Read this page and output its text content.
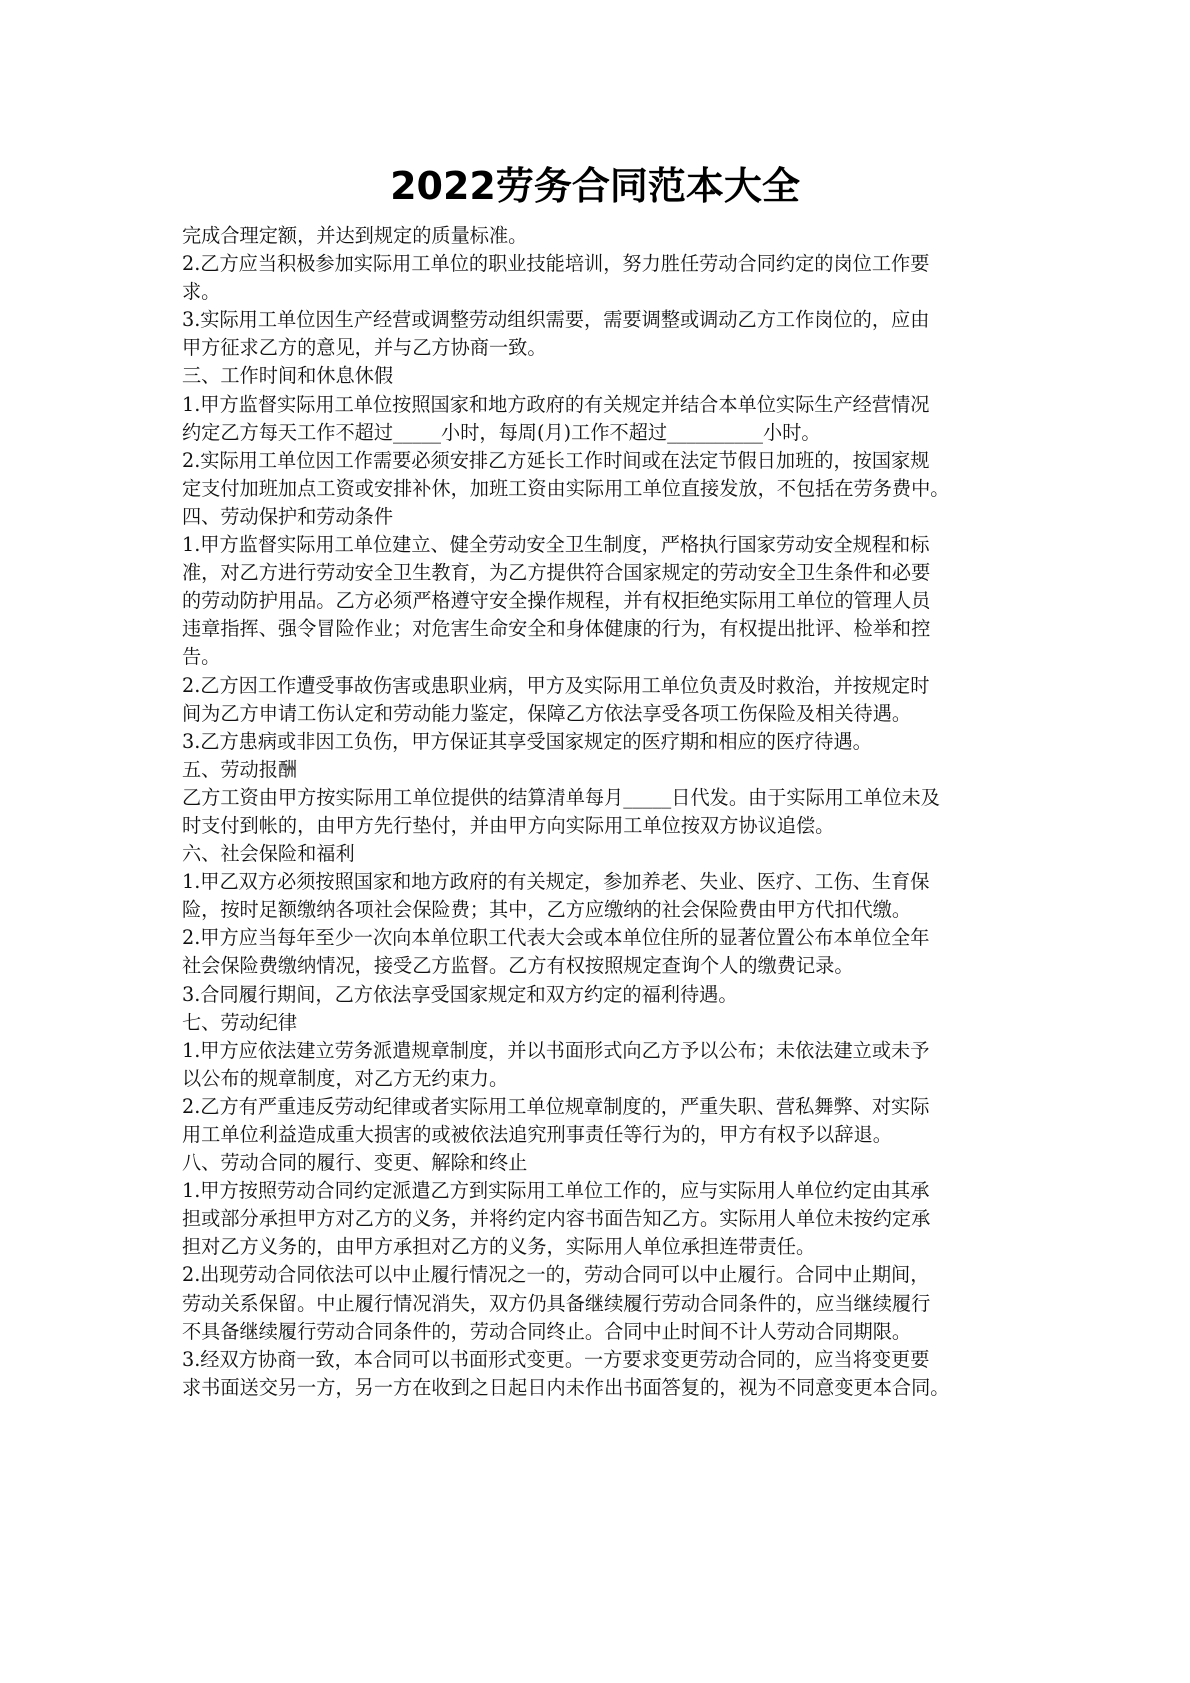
2022劳务合同范本大全
完成合理定额，并达到规定的质量标准。
2.乙方应当积极参加实际用工单位的职业技能培训，努力胜任劳动合同约定的岗位工作要
求。
3.实际用工单位因生产经营或调整劳动组织需要，需要调整或调动乙方工作岗位的，应由
甲方征求乙方的意见，并与乙方协商一致。
三、工作时间和休息休假
1.甲方监督实际用工单位按照国家和地方政府的有关规定并结合本单位实际生产经营情况
约定乙方每天工作不超过_____小时，每周(月)工作不超过__________小时。
2.实际用工单位因工作需要必须安排乙方延长工作时间或在法定节假日加班的，按国家规
定支付加班加点工资或安排补休，加班工资由实际用工单位直接发放，不包括在劳务费中。
四、劳动保护和劳动条件
1.甲方监督实际用工单位建立、健全劳动安全卫生制度，严格执行国家劳动安全规程和标
准，对乙方进行劳动安全卫生教育，为乙方提供符合国家规定的劳动安全卫生条件和必要
的劳动防护用品。乙方必须严格遵守安全操作规程，并有权拒绝实际用工单位的管理人员
违章指挥、强令冒险作业；对危害生命安全和身体健康的行为，有权提出批评、检举和控
告。
2.乙方因工作遭受事故伤害或患职业病，甲方及实际用工单位负责及时救治，并按规定时
间为乙方申请工伤认定和劳动能力鉴定，保障乙方依法享受各项工伤保险及相关待遇。
3.乙方患病或非因工负伤，甲方保证其享受国家规定的医疗期和相应的医疗待遇。
五、劳动报酬
乙方工资由甲方按实际用工单位提供的结算清单每月_____日代发。由于实际用工单位未及
时支付到帐的，由甲方先行垫付，并由甲方向实际用工单位按双方协议追偿。
六、社会保险和福利
1.甲乙双方必须按照国家和地方政府的有关规定，参加养老、失业、医疗、工伤、生育保
险，按时足额缴纳各项社会保险费；其中，乙方应缴纳的社会保险费由甲方代扣代缴。
2.甲方应当每年至少一次向本单位职工代表大会或本单位住所的显著位置公布本单位全年
社会保险费缴纳情况，接受乙方监督。乙方有权按照规定查询个人的缴费记录。
3.合同履行期间，乙方依法享受国家规定和双方约定的福利待遇。
七、劳动纪律
1.甲方应依法建立劳务派遣规章制度，并以书面形式向乙方予以公布；未依法建立或未予
以公布的规章制度，对乙方无约束力。
2.乙方有严重违反劳动纪律或者实际用工单位规章制度的，严重失职、营私舞弊、对实际
用工单位利益造成重大损害的或被依法追究刑事责任等行为的，甲方有权予以辞退。
八、劳动合同的履行、变更、解除和终止
1.甲方按照劳动合同约定派遣乙方到实际用工单位工作的，应与实际用人单位约定由其承
担或部分承担甲方对乙方的义务，并将约定内容书面告知乙方。实际用人单位未按约定承
担对乙方义务的，由甲方承担对乙方的义务，实际用人单位承担连带责任。
2.出现劳动合同依法可以中止履行情况之一的，劳动合同可以中止履行。合同中止期间，
劳动关系保留。中止履行情况消失，双方仍具备继续履行劳动合同条件的，应当继续履行
不具备继续履行劳动合同条件的，劳动合同终止。合同中止时间不计人劳动合同期限。
3.经双方协商一致，本合同可以书面形式变更。一方要求变更劳动合同的，应当将变更要
求书面送交另一方，另一方在收到之日起日内未作出书面答复的，视为不同意变更本合同。
